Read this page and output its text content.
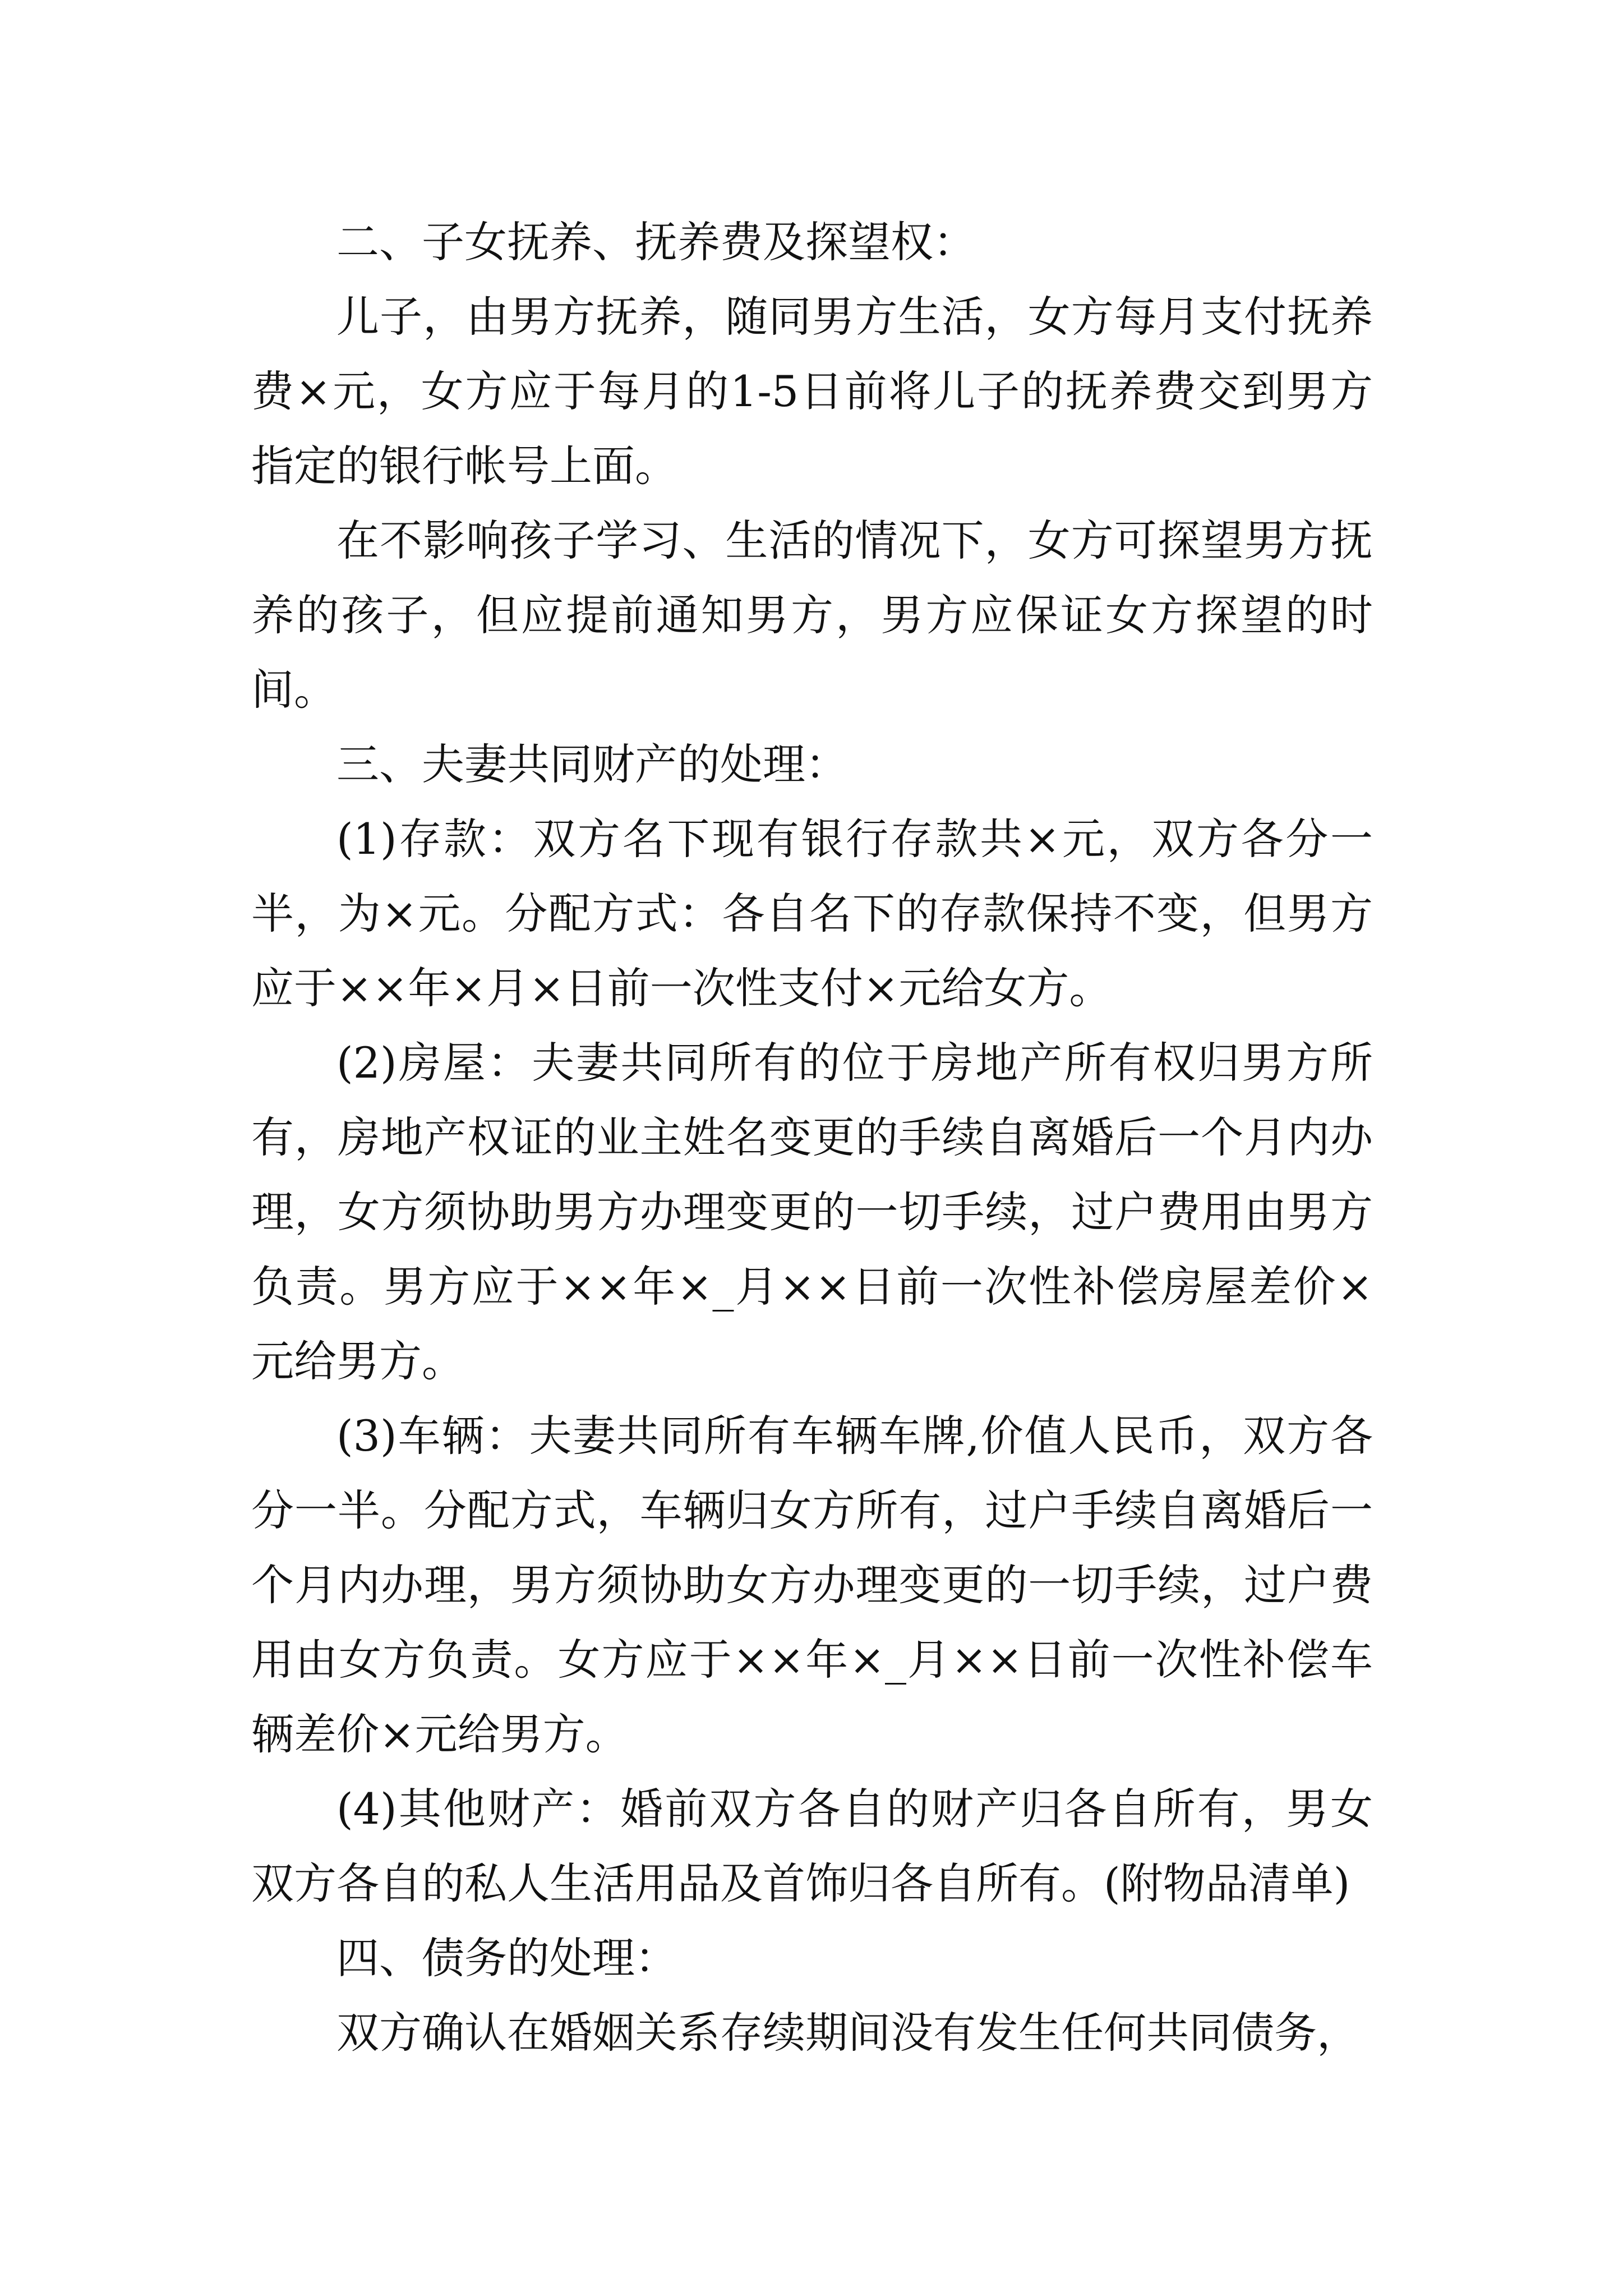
二、子女抚养、抚养费及探望权：

儿子，由男方抚养，随同男方生活，女方每月支付抚养费×元，女方应于每月的1-5日前将儿子的抚养费交到男方指定的银行帐号上面。

在不影响孩子学习、生活的情况下，女方可探望男方抚养的孩子，但应提前通知男方，男方应保证女方探望的时间。

三、夫妻共同财产的处理：

(1)存款：双方名下现有银行存款共×元，双方各分一半，为×元。分配方式：各自名下的存款保持不变，但男方应于××年×月×日前一次性支付×元给女方。

(2)房屋：夫妻共同所有的位于房地产所有权归男方所有，房地产权证的业主姓名变更的手续自离婚后一个月内办理，女方须协助男方办理变更的一切手续，过户费用由男方负责。男方应于××年×_月××日前一次性补偿房屋差价×元给男方。

(3)车辆：夫妻共同所有车辆车牌,价值人民币，双方各分一半。分配方式，车辆归女方所有，过户手续自离婚后一个月内办理，男方须协助女方办理变更的一切手续，过户费用由女方负责。女方应于××年×_月××日前一次性补偿车辆差价×元给男方。

(4)其他财产：婚前双方各自的财产归各自所有，男女双方各自的私人生活用品及首饰归各自所有。(附物品清单)

四、债务的处理：

双方确认在婚姻关系存续期间没有发生任何共同债务，
